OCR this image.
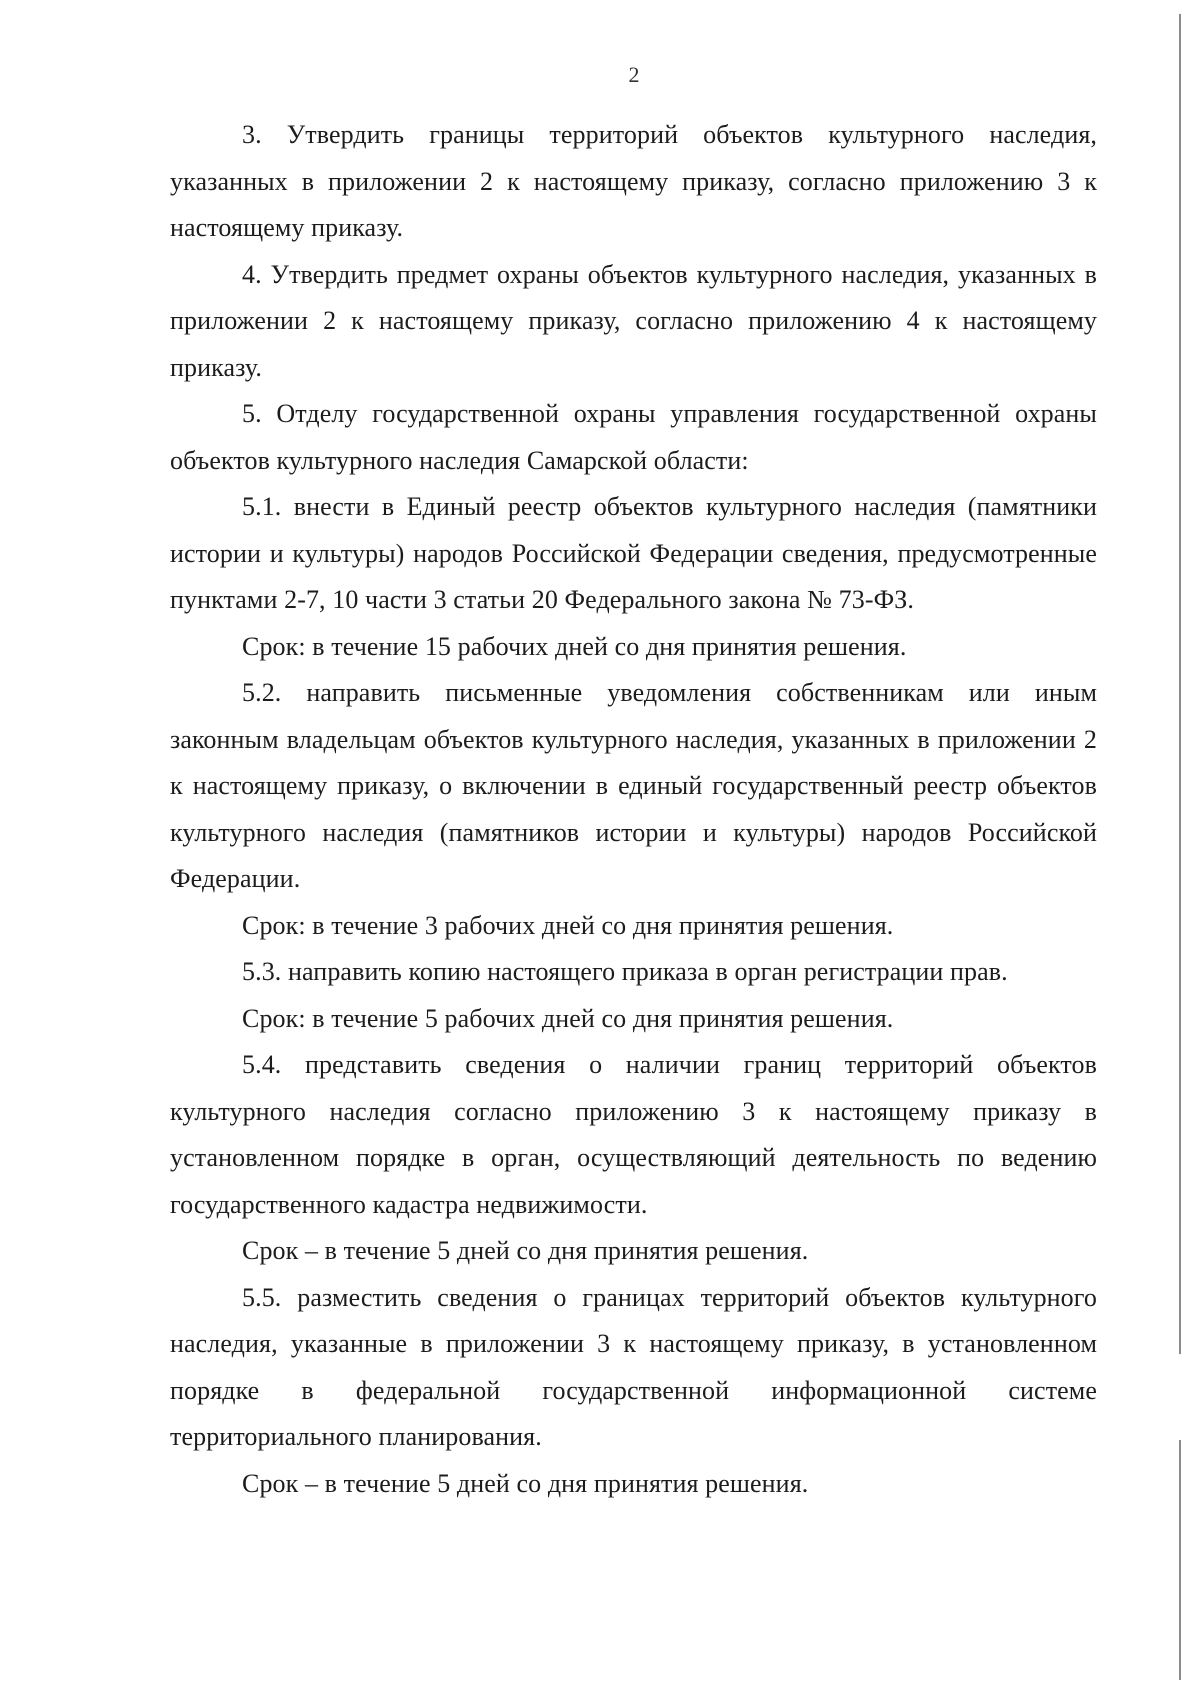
2

3. Утвердить границы территорий объектов культурного наследия, указанных в приложении 2 к настоящему приказу, согласно приложению 3 к настоящему приказу.

4. Утвердить предмет охраны объектов культурного наследия, указанных в приложении 2 к настоящему приказу, согласно приложению 4 к настоящему приказу.

5. Отделу государственной охраны управления государственной охраны объектов культурного наследия Самарской области:

5.1. внести в Единый реестр объектов культурного наследия (памятники истории и культуры) народов Российской Федерации сведения, предусмотренные пунктами 2-7, 10 части 3 статьи 20 Федерального закона № 73-ФЗ.

Срок: в течение 15 рабочих дней со дня принятия решения.

5.2. направить письменные уведомления собственникам или иным законным владельцам объектов культурного наследия, указанных в приложении 2 к настоящему приказу, о включении в единый государственный реестр объектов культурного наследия (памятников истории и культуры) народов Российской Федерации.

Срок: в течение 3 рабочих дней со дня принятия решения.

5.3. направить копию настоящего приказа в орган регистрации прав.

Срок: в течение 5 рабочих дней со дня принятия решения.

5.4. представить сведения о наличии границ территорий объектов культурного наследия согласно приложению 3 к настоящему приказу в установленном порядке в орган, осуществляющий деятельность по ведению государственного кадастра недвижимости.

Срок – в течение 5 дней со дня принятия решения.

5.5. разместить сведения о границах территорий объектов культурного наследия, указанные в приложении 3 к настоящему приказу, в установленном порядке в федеральной государственной информационной системе территориального планирования.

Срок – в течение 5 дней со дня принятия решения.
